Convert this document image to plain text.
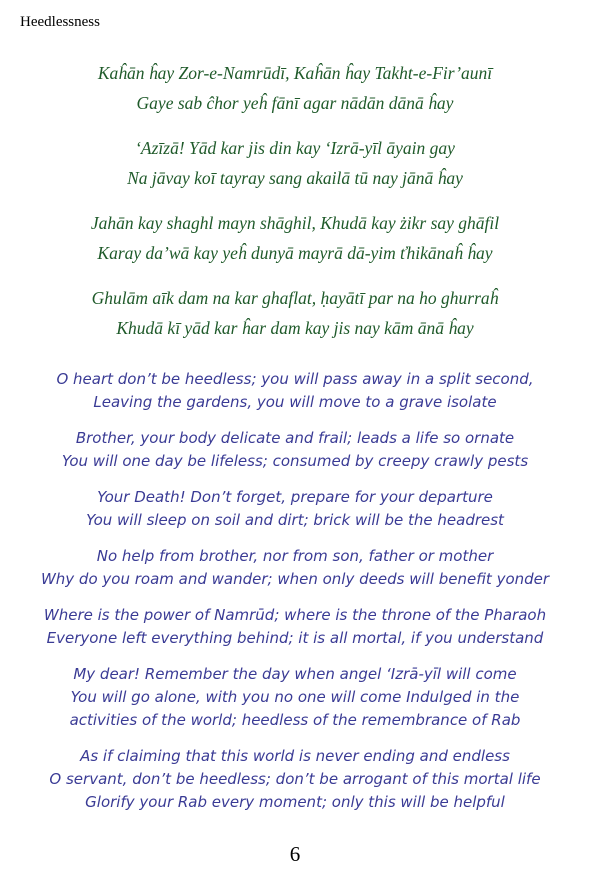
Heedlessness
Kaĥān ĥay Zor-e-Namrūdī, Kaĥān ĥay Takht-e-Fir’aunī
Gaye sab ĉhor yeĥ fānī agar nādān dānā ĥay
‘Azīzā! Yād kar jis din kay ‘Izrā-yīl āyain gay
Na jāvay koī tayray sang akailā tū nay jānā ĥay
Jahān kay shaghl mayn shāghil, Khudā kay żikr say ghāfil
Karay da’wā kay yeĥ dunyā mayrā dā-yim ťhikānaĥ ĥay
Ghulām aīk dam na kar ghaflat, ḥayātī par na ho ghurraĥ
Khudā kī yād kar ĥar dam kay jis nay kām ānā ĥay
O heart don’t be heedless; you will pass away in a split second,
Leaving the gardens, you will move to a grave isolate
Brother, your body delicate and frail; leads a life so ornate
You will one day be lifeless; consumed by creepy crawly pests
Your Death! Don’t forget, prepare for your departure
You will sleep on soil and dirt; brick will be the headrest
No help from brother, nor from son, father or mother
Why do you roam and wander; when only deeds will benefit yonder
Where is the power of Namrūd; where is the throne of the Pharaoh
Everyone left everything behind; it is all mortal, if you understand
My dear! Remember the day when angel ‘Izrā-yīl will come
You will go alone, with you no one will come Indulged in the
activities of the world; heedless of the remembrance of Rab
As if claiming that this world is never ending and endless
O servant, don’t be heedless; don’t be arrogant of this mortal life
Glorify your Rab every moment; only this will be helpful
6
